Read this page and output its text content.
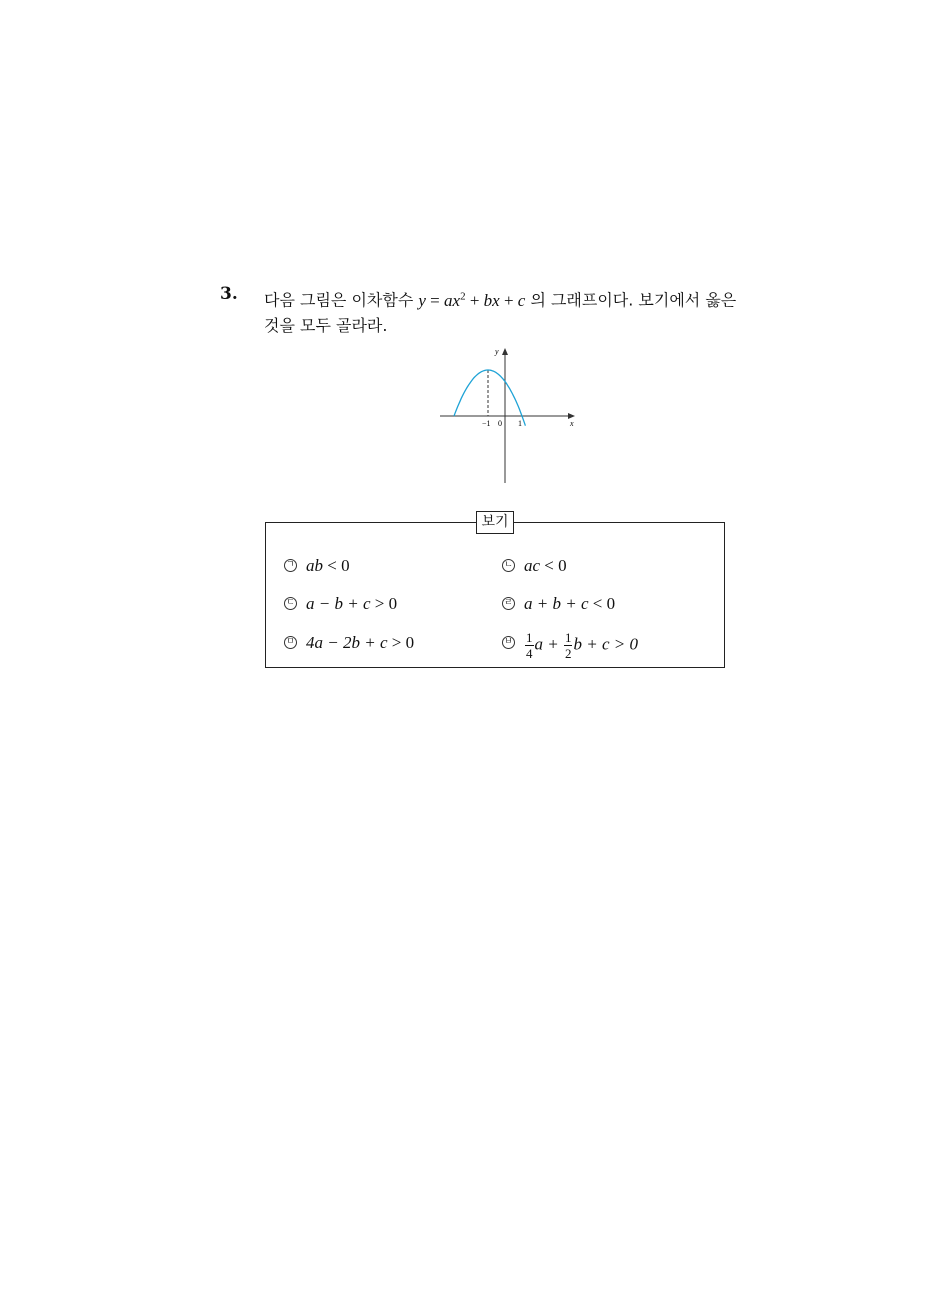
3. 다음 그림은 이차함수 $y = ax^2$ + bx + c 의 그래프이다. 보기에서 옳은
것을 모두 골라라.
x
y
−1 0 1
보기
ㄱ ab < 0	ㄴ ac < 0
ㄷ a − b + c > 0	ㄹ a + b + c < 0
ㅁ 4a − 2b + c > 0	ㅂ $\frac{1}{4}$ $a + \frac{1}{2}$ b + c > 0
